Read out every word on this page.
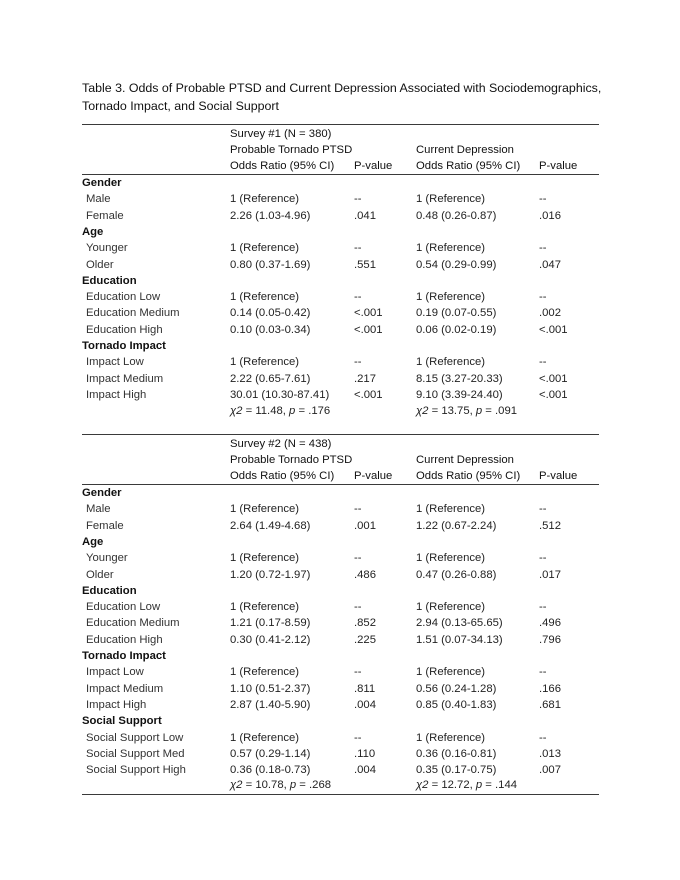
Table 3. Odds of Probable PTSD and Current Depression Associated with Sociodemographics,
Tornado Impact, and Social Support
Survey #1 (N = 380)
Probable Tornado PTSD	Current Depression
Odds Ratio (95% CI) P-value Odds Ratio (95% CI) P-value
Gender
Male	1 (Reference)	--	1 (Reference)	--
Female	2.26 (1.03-4.96)	.041	0.48 (0.26-0.87)	.016
Age
Younger	1 (Reference)	--	1 (Reference)	--
Older	0.80 (0.37-1.69)	.551	0.54 (0.29-0.99)	.047
Education
Education Low	1 (Reference)	--	1 (Reference)	--
Education Medium	0.14 (0.05-0.42)	<.001	0.19 (0.07-0.55)	.002
Education High	0.10 (0.03-0.34)	<.001	0.06 (0.02-0.19)	<.001
Tornado Impact
Impact Low	1 (Reference)	--	1 (Reference)	--
Impact Medium	2.22 (0.65-7.61)	.217	8.15 (3.27-20.33)	<.001
Impact High	30.01 (10.30-87.41) <.001	9.10 (3.39-24.40)	<.001
χ2 = 11.48, p = .176	χ2 = 13.75, p = .091
Survey #2 (N = 438)
Probable Tornado PTSD	Current Depression
Odds Ratio (95% CI) P-value Odds Ratio (95% CI) P-value
Gender
Male	1 (Reference)	--	1 (Reference)	--
Female	2.64 (1.49-4.68)	.001	1.22 (0.67-2.24)	.512
Age
Younger	1 (Reference)	--	1 (Reference)	--
Older	1.20 (0.72-1.97)	.486	0.47 (0.26-0.88)	.017
Education
Education Low	1 (Reference)	--	1 (Reference)	--
Education Medium	1.21 (0.17-8.59)	.852	2.94 (0.13-65.65)	.496
Education High	0.30 (0.41-2.12)	.225	1.51 (0.07-34.13)	.796
Tornado Impact
Impact Low	1 (Reference)	--	1 (Reference)	--
Impact Medium	1.10 (0.51-2.37)	.811	0.56 (0.24-1.28)	.166
Impact High	2.87 (1.40-5.90)	.004	0.85 (0.40-1.83)	.681
Social Support
Social Support Low	1 (Reference)	--	1 (Reference)	--
Social Support Med	0.57 (0.29-1.14)	.110	0.36 (0.16-0.81)	.013
Social Support High	0.36 (0.18-0.73)	.004	0.35 (0.17-0.75)	.007
χ2 = 10.78, p = .268	χ2 = 12.72, p = .144
